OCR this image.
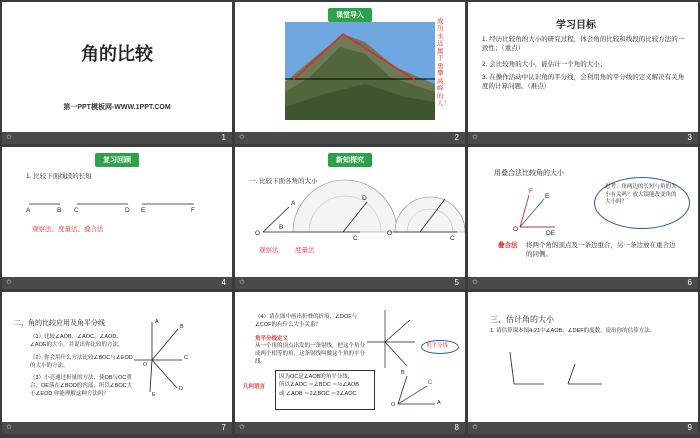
角的比较
第一PPT模板网-WWW.1PPT.COM
✩	1
课堂导入
成功永远属于勇攀高峰的人！
✩	2
学习目标
1. 经历比较角的大小的研究过程，体会角的比较和线段的比较方法的一致性；（重点）
2. 会比较角的大小，能估计一个角的大小；
3. 在操作活动中认识角的平分线，会利用角的平分线的定义解决有关角度的计算问题。（难点）
✩	3
复习回顾
1. 比较下面线段的长短
A	B C	D E	F
观察法、度量法、叠合法
✩	4
新知探究
一. 比较下面各角的大小
A
B
O
C
D
O
C
观察法	度量法
✩	5
用叠合法比较角的大小
F
E
O
DE
思考：角两边的长短与角的大小有关吗？放大镜能改变角的大小吗？
叠合法 将两个角的顶点及一条边重合，另一条边放在重合边的同侧。
✩	6
二、角的比较应用及角平分线
（1）比较∠AOB、∠AOC、∠AOD、∠AOE的大小，并说出你比较的方法。
（2）你会用什么方法比较∠BOC与∠EOD的大小的方法。
（3）小亮通过折量的方法，使OB与OC重合，OE落在∠BOD的内部，所以∠BOC大于∠EOD 你能理解这种方法吗？
A
B
C
D
E
O
✩	7
（4）请在图中画出折叠的折痕，∠DOF与∠COF的有什么大小关系？
角平分线定义
从一个角的顶点出发的一条射线，把这个角分成两个相等的角，这条射线叫做这个角的平分线。
几何语言
因为OC是∠AOB的角平分线，
所以∠AOC ＝∠BOC ＝½∠AOB
或 ∠AOB ＝2∠BOC ＝2∠AOC
角平分线
B
C
O	A
✩	8
三、估计角的大小
1. 请估算课本图4-21中∠AOB、∠DEF的度数，说出你的估算方法。
✩	9
